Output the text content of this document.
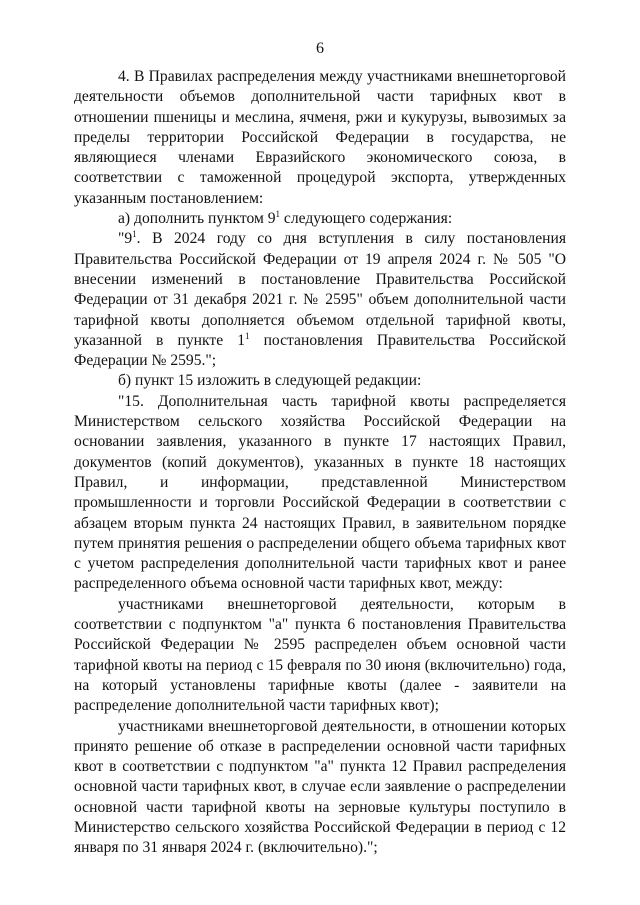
6

4. В Правилах распределения между участниками внешнеторговой деятельности объемов дополнительной части тарифных квот в отношении пшеницы и меслина, ячменя, ржи и кукурузы, вывозимых за пределы территории Российской Федерации в государства, не являющиеся членами Евразийского экономического союза, в соответствии с таможенной процедурой экспорта, утвержденных указанным постановлением:

а) дополнить пунктом $9^1$ следующего содержания:

"$9^1$. В 2024 году со дня вступления в силу постановления Правительства Российской Федерации от 19 апреля 2024 г. № 505 "О внесении изменений в постановление Правительства Российской Федерации от 31 декабря 2021 г. № 2595" объем дополнительной части тарифной квоты дополняется объемом отдельной тарифной квоты, указанной в пункте $1^1$ постановления Правительства Российской Федерации № 2595.";

б) пункт 15 изложить в следующей редакции:

"15. Дополнительная часть тарифной квоты распределяется Министерством сельского хозяйства Российской Федерации на основании заявления, указанного в пункте 17 настоящих Правил, документов (копий документов), указанных в пункте 18 настоящих Правил, и информации, представленной Министерством промышленности и торговли Российской Федерации в соответствии с абзацем вторым пункта 24 настоящих Правил, в заявительном порядке путем принятия решения о распределении общего объема тарифных квот с учетом распределения дополнительной части тарифных квот и ранее распределенного объема основной части тарифных квот, между:

участниками внешнеторговой деятельности, которым в соответствии с подпунктом "а" пункта 6 постановления Правительства Российской Федерации № 2595 распределен объем основной части тарифной квоты на период с 15 февраля по 30 июня (включительно) года, на который установлены тарифные квоты (далее - заявители на распределение дополнительной части тарифных квот);

участниками внешнеторговой деятельности, в отношении которых принято решение об отказе в распределении основной части тарифных квот в соответствии с подпунктом "а" пункта 12 Правил распределения основной части тарифных квот, в случае если заявление о распределении основной части тарифной квоты на зерновые культуры поступило в Министерство сельского хозяйства Российской Федерации в период с 12 января по 31 января 2024 г. (включительно).";
